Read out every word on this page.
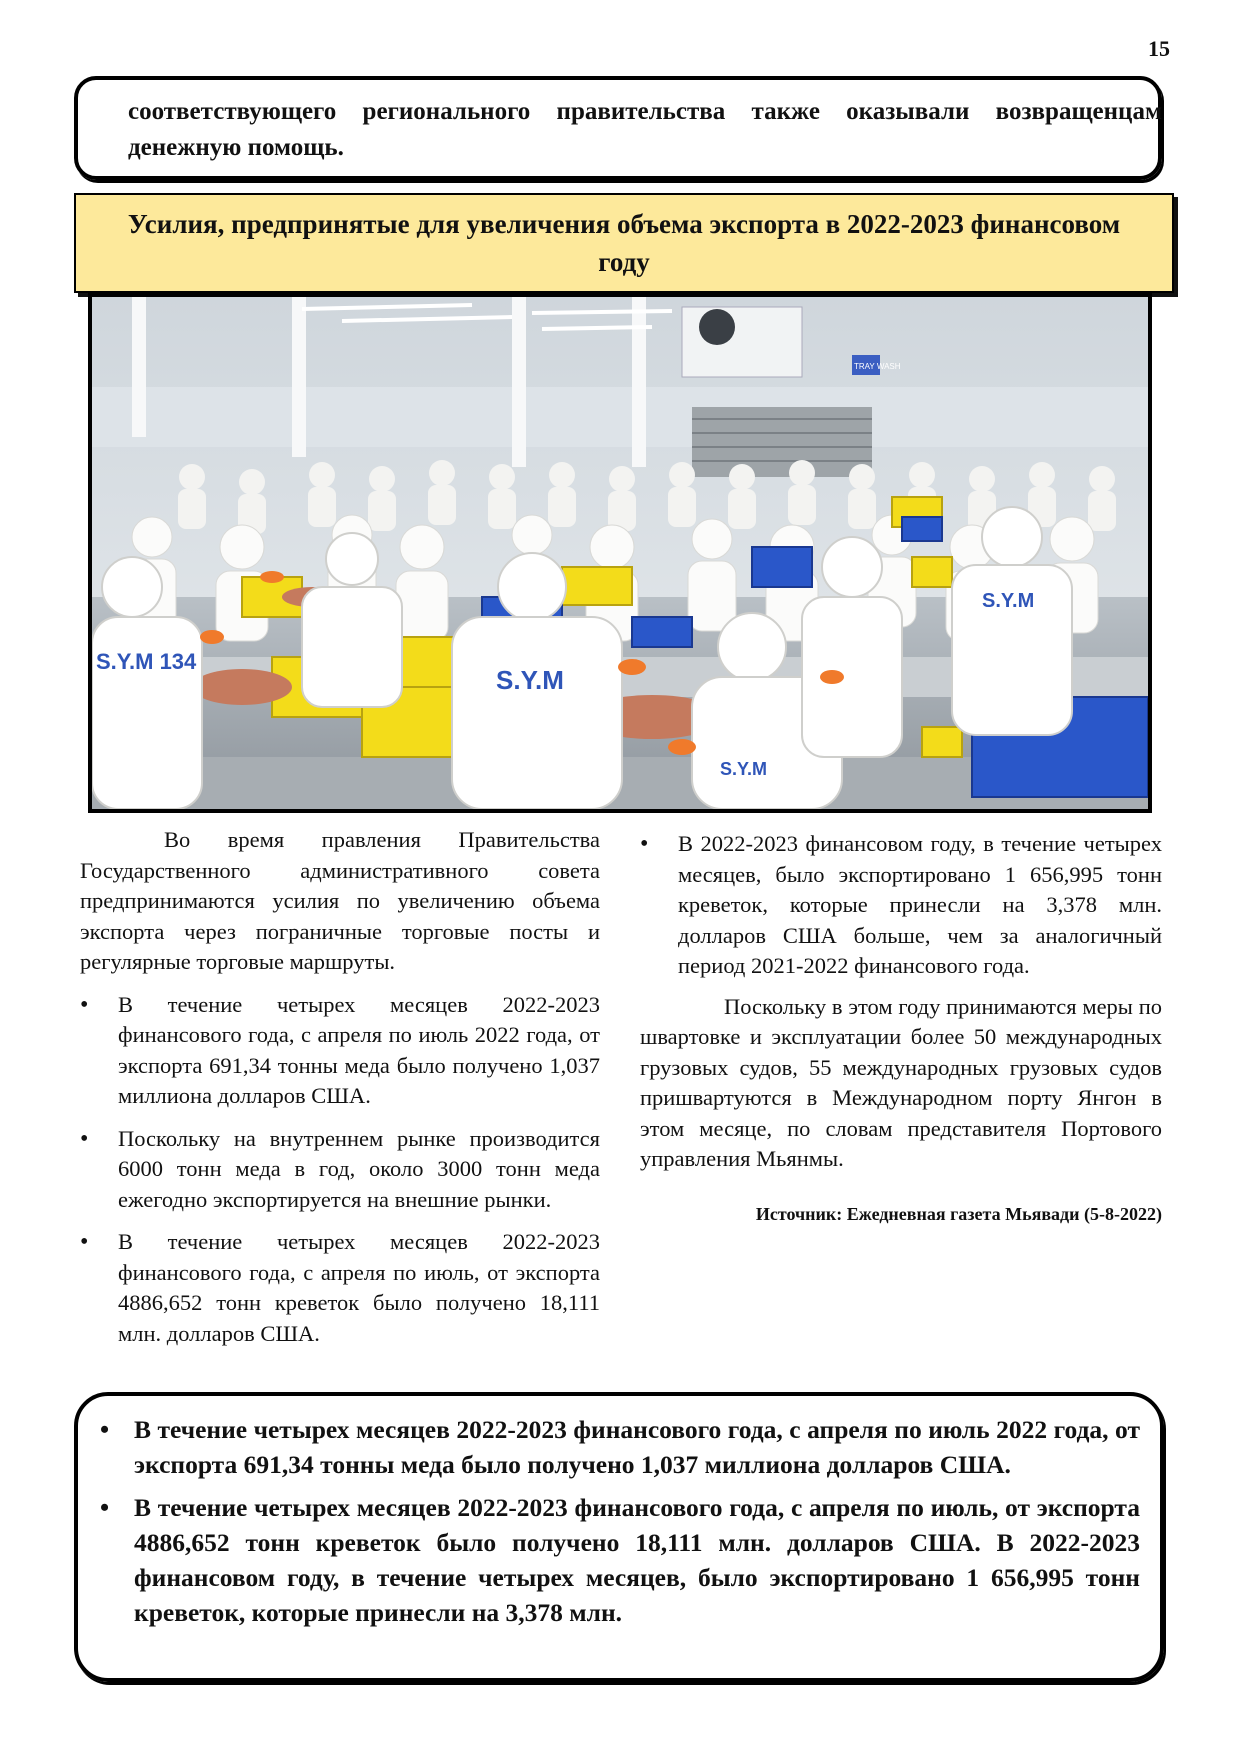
15

соответствующего регионального правительства также оказывали возвращенцам денежную помощь.

Усилия, предпринятые для увеличения объема экспорта в 2022-2023 финансовом году
TRAY WASH
S.Y.M
S.Y.M
S.Y.M
S.Y.M 134

Во время правления Правительства Государственного административного совета предпринимаются усилия по увеличению объема экспорта через пограничные торговые посты и регулярные торговые маршруты.

• В течение четырех месяцев 2022-2023 финансового года, с апреля по июль 2022 года, от экспорта 691,34 тонны меда было получено 1,037 миллиона долларов США.
• Поскольку на внутреннем рынке производится 6000 тонн меда в год, около 3000 тонн меда ежегодно экспортируется на внешние рынки.
• В течение четырех месяцев 2022-2023 финансового года, с апреля по июль, от экспорта 4886,652 тонн креветок было получено 18,111 млн. долларов США.
• В 2022-2023 финансовом году, в течение четырех месяцев, было экспортировано 1 656,995 тонн креветок, которые принесли на 3,378 млн. долларов США больше, чем за аналогичный период 2021-2022 финансового года.

Поскольку в этом году принимаются меры по швартовке и эксплуатации более 50 международных грузовых судов, 55 международных грузовых судов пришвартуются в Международном порту Янгон в этом месяце, по словам представителя Портового управления Мьянмы.

Источник: Ежедневная газета Мьявади (5-8-2022)

• В течение четырех месяцев 2022-2023 финансового года, с апреля по июль 2022 года, от экспорта 691,34 тонны меда было получено 1,037 миллиона долларов США.
• В течение четырех месяцев 2022-2023 финансового года, с апреля по июль, от экспорта 4886,652 тонн креветок было получено 18,111 млн. долларов США. В 2022-2023 финансовом году, в течение четырех месяцев, было экспортировано 1 656,995 тонн креветок, которые принесли на 3,378 млн.
